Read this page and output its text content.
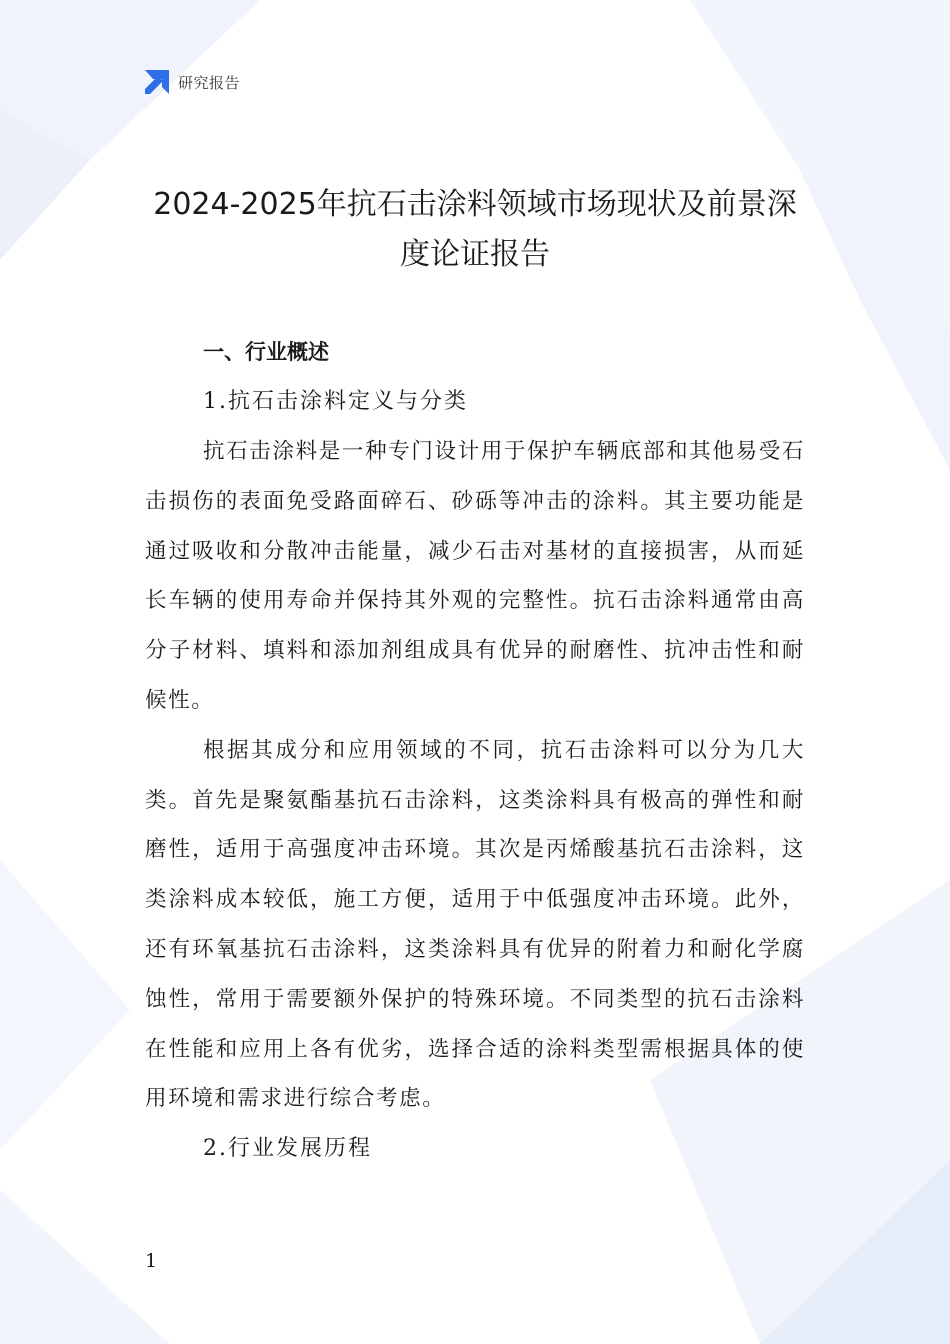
研究报告
2024-2025年抗石击涂料领域市场现状及前景深
度论证报告

一、行业概述

1.抗石击涂料定义与分类

抗石击涂料是一种专门设计用于保护车辆底部和其他易受石击损伤的表面免受路面碎石、砂砾等冲击的涂料。其主要功能是通过吸收和分散冲击能量，减少石击对基材的直接损害，从而延长车辆的使用寿命并保持其外观的完整性。抗石击涂料通常由高分子材料、填料和添加剂组成具有优异的耐磨性、抗冲击性和耐候性。

根据其成分和应用领域的不同，抗石击涂料可以分为几大类。首先是聚氨酯基抗石击涂料，这类涂料具有极高的弹性和耐磨性，适用于高强度冲击环境。其次是丙烯酸基抗石击涂料，这类涂料成本较低，施工方便，适用于中低强度冲击环境。此外，还有环氧基抗石击涂料，这类涂料具有优异的附着力和耐化学腐蚀性，常用于需要额外保护的特殊环境。不同类型的抗石击涂料在性能和应用上各有优劣，选择合适的涂料类型需根据具体的使用环境和需求进行综合考虑。

2.行业发展历程

1
